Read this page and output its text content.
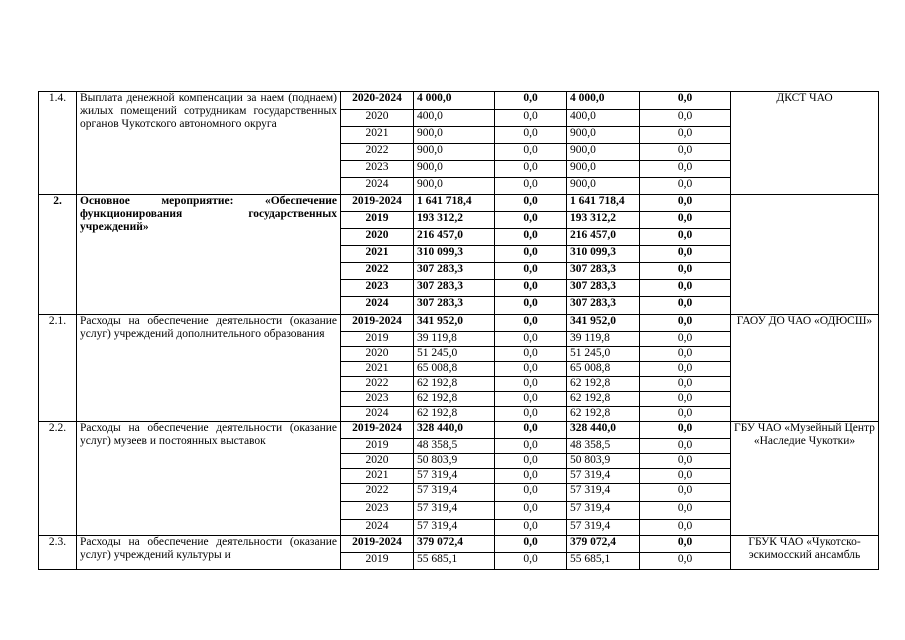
1.4.	Выплата денежной компенсации за наем (поднаем) жилых помещений сотрудникам государственных органов Чукотского автономного округа	2020-2024	4 000,0	0,0	4 000,0	0,0	ДКСТ ЧАО
		2020	400,0	0,0	400,0	0,0	
		2021	900,0	0,0	900,0	0,0	
		2022	900,0	0,0	900,0	0,0	
		2023	900,0	0,0	900,0	0,0	
		2024	900,0	0,0	900,0	0,0	
2.	Основное мероприятие: «Обеспечение функционирования государственных учреждений»	2019-2024	1 641 718,4	0,0	1 641 718,4	0,0	
		2019	193 312,2	0,0	193 312,2	0,0	
		2020	216 457,0	0,0	216 457,0	0,0	
		2021	310 099,3	0,0	310 099,3	0,0	
		2022	307 283,3	0,0	307 283,3	0,0	
		2023	307 283,3	0,0	307 283,3	0,0	
		2024	307 283,3	0,0	307 283,3	0,0	
2.1.	Расходы на обеспечение деятельности (оказание услуг) учреждений дополнительного образования	2019-2024	341 952,0	0,0	341 952,0	0,0	ГАОУ ДО ЧАО «ОДЮСШ»
		2019	39 119,8	0,0	39 119,8	0,0	
		2020	51 245,0	0,0	51 245,0	0,0	
		2021	65 008,8	0,0	65 008,8	0,0	
		2022	62 192,8	0,0	62 192,8	0,0	
		2023	62 192,8	0,0	62 192,8	0,0	
		2024	62 192,8	0,0	62 192,8	0,0	
2.2.	Расходы на обеспечение деятельности (оказание услуг) музеев и постоянных выставок	2019-2024	328 440,0	0,0	328 440,0	0,0	ГБУ ЧАО «Музейный Центр «Наследие Чукотки»
		2019	48 358,5	0,0	48 358,5	0,0	
		2020	50 803,9	0,0	50 803,9	0,0	
		2021	57 319,4	0,0	57 319,4	0,0	
		2022	57 319,4	0,0	57 319,4	0,0	
		2023	57 319,4	0,0	57 319,4	0,0	
		2024	57 319,4	0,0	57 319,4	0,0	
2.3.	Расходы на обеспечение деятельности (оказание услуг) учреждений культуры и	2019-2024	379 072,4	0,0	379 072,4	0,0	ГБУК ЧАО «Чукотско-эскимосский ансамбль
		2019	55 685,1	0,0	55 685,1	0,0	
